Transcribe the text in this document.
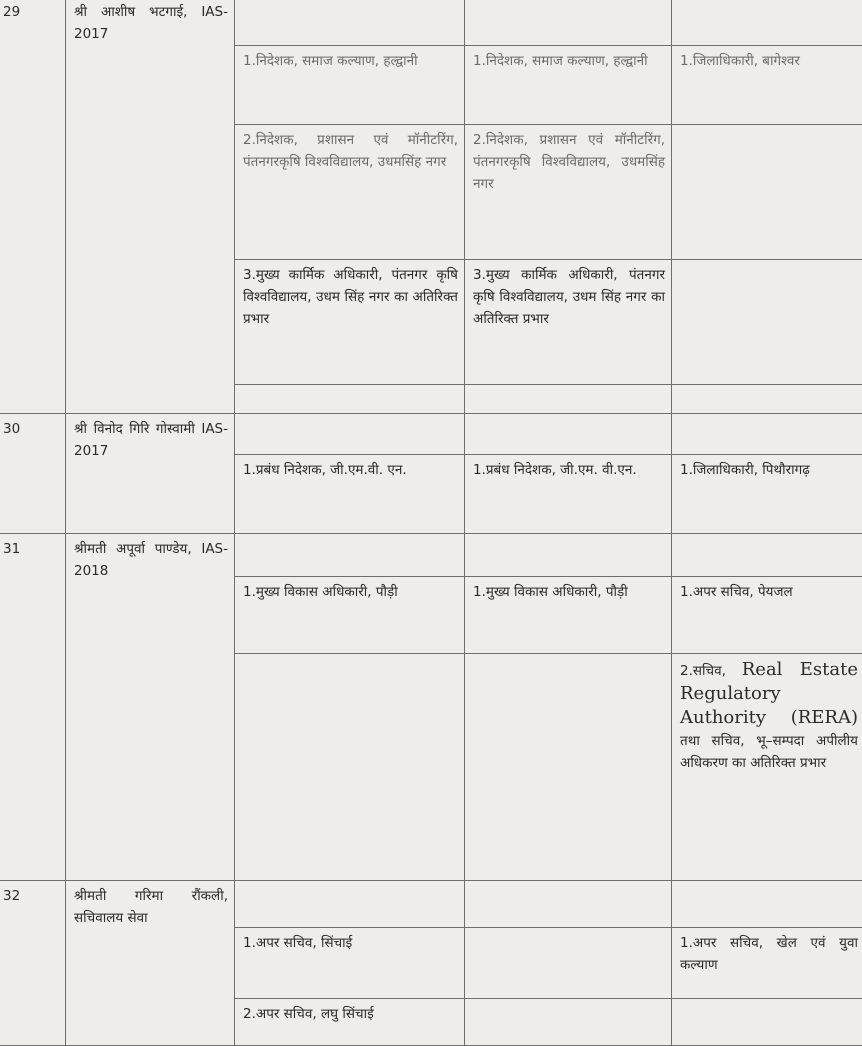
29	श्री आशीष भटगाई, IAS-2017			
		1.निदेशक, समाज कल्याण, हल्द्वानी	1.निदेशक, समाज कल्याण, हल्द्वानी	1.जिलाधिकारी, बागेश्वर
		2.निदेशक, प्रशासन एवं मॉनीटरिंग, पंतनगरकृषि विश्वविद्यालय, उधमसिंह नगर	2.निदेशक, प्रशासन एवं मॉनीटरिंग, पंतनगरकृषि विश्वविद्यालय, उधमसिंह नगर	
		3.मुख्य कार्मिक अधिकारी, पंतनगर कृषि विश्वविद्यालय, उधम सिंह नगर का अतिरिक्त प्रभार	3.मुख्य कार्मिक अधिकारी, पंतनगर कृषि विश्वविद्यालय, उधम सिंह नगर का अतिरिक्त प्रभार	

30	श्री विनोद गिरि गोस्वामी IAS-2017			
		1.प्रबंध निदेशक, जी.एम.वी. एन.	1.प्रबंध निदेशक, जी.एम. वी.एन.	1.जिलाधिकारी, पिथौरागढ़
31	श्रीमती अपूर्वा पाण्डेय, IAS-2018			
		1.मुख्य विकास अधिकारी, पौड़ी	1.मुख्य विकास अधिकारी, पौड़ी	1.अपर सचिव, पेयजल
				2.सचिव, Real Estate Regulatory Authority (RERA) तथा सचिव, भू–सम्पदा अपीलीय अधिकरण का अतिरिक्त प्रभार
32	श्रीमती गरिमा रौंकली, सचिवालय सेवा			
		1.अपर सचिव, सिंचाई		1.अपर सचिव, खेल एवं युवा कल्याण
		2.अपर सचिव, लघु सिंचाई		
